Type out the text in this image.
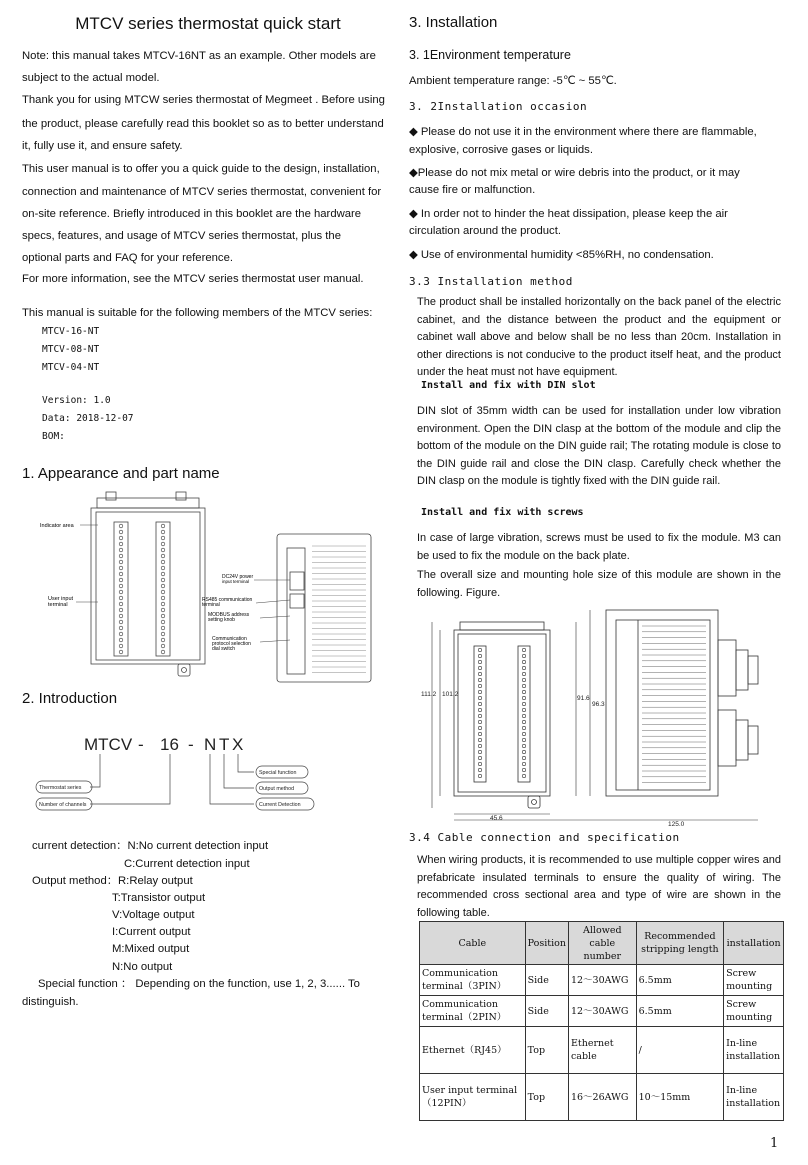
MTCV series thermostat quick start
Note: this manual takes MTCV-16NT as an example. Other models are
subject to the actual model.
Thank you for using MTCW series thermostat of Megmeet . Before using
the product, please carefully read this booklet so as to better understand
it, fully use it, and ensure safety.
This user manual is to offer you a quick guide to the design, installation,
connection and maintenance of MTCV series thermostat, convenient for
on-site reference. Briefly introduced in this booklet are the hardware
specs, features, and usage of MTCV series thermostat, plus the
optional parts and FAQ for your reference.
For more information, see the MTCV series thermostat user manual.
This manual is suitable for the following members of the MTCV series:
MTCV-16-NT
MTCV-08-NT
MTCV-04-NT
Version: 1.0
Data: 2018-12-07
BOM:
1. Appearance and part name
Indicator area
User input
terminal
DC24V power
input terminal
RS485 communication
terminal
MODBUS address
setting knob
Communication
protocol selection
dial switch
2. Introduction
MTCV - 16 - N T X
Thermostat series
Number of channels
Special function
Output method
Current Detection
current detection：N:No current detection input
C:Current detection input
Output method：R:Relay output
T:Transistor output
V:Voltage output
I:Current output
M:Mixed output
N:No output
Special function ： Depending on the function, use 1, 2, 3...... To
distinguish.
3. Installation
3. 1Environment temperature
Ambient temperature range: -5℃ ~ 55℃.
3. 2Installation occasion
◆ Please do not use it in the environment where there are flammable,
explosive, corrosive gases or liquids.
◆Please do not mix metal or wire debris into the product, or it may
cause fire or malfunction.
◆ In order not to hinder the heat dissipation, please keep the air
circulation around the product.
◆ Use of environmental humidity <85%RH, no condensation.
3.3 Installation method
The product shall be installed horizontally on the back panel of the electric cabinet, and the distance between the product and the equipment or cabinet wall above and below shall be no less than 20cm. Installation in other directions is not conducive to the product itself heat, and the product under the heat must not have equipment.
Install and fix with DIN slot
DIN slot of 35mm width can be used for installation under low vibration environment. Open the DIN clasp at the bottom of the module and clip the bottom of the module on the DIN guide rail; The rotating module is close to the DIN guide rail and close the DIN clasp. Carefully check whether the DIN clasp on the module is tightly fixed with the DIN guide rail.
Install and fix with screws
In case of large vibration, screws must be used to fix the module. M3 can be used to fix the module on the back plate.
The overall size and mounting hole size of this module are shown in the following. Figure.
111.2 101.2
91.6
96.3
45.6
125.0
3.4 Cable connection and specification
When wiring products, it is recommended to use multiple copper wires and prefabricate insulated terminals to ensure the quality of wiring. The recommended cross sectional area and type of wire are shown in the following table.
Cable	Position	Allowed cable number	Recommended stripping length	installation
Communication terminal（3PIN）	Side	12～30AWG	6.5mm	Screw mounting
Communication terminal（2PIN）	Side	12～30AWG	6.5mm	Screw mounting
Ethernet（RJ45）	Top	Ethernet cable	/	In-line installation
User input terminal（12PIN）	Top	16～26AWG	10～15mm	In-line installation
1
